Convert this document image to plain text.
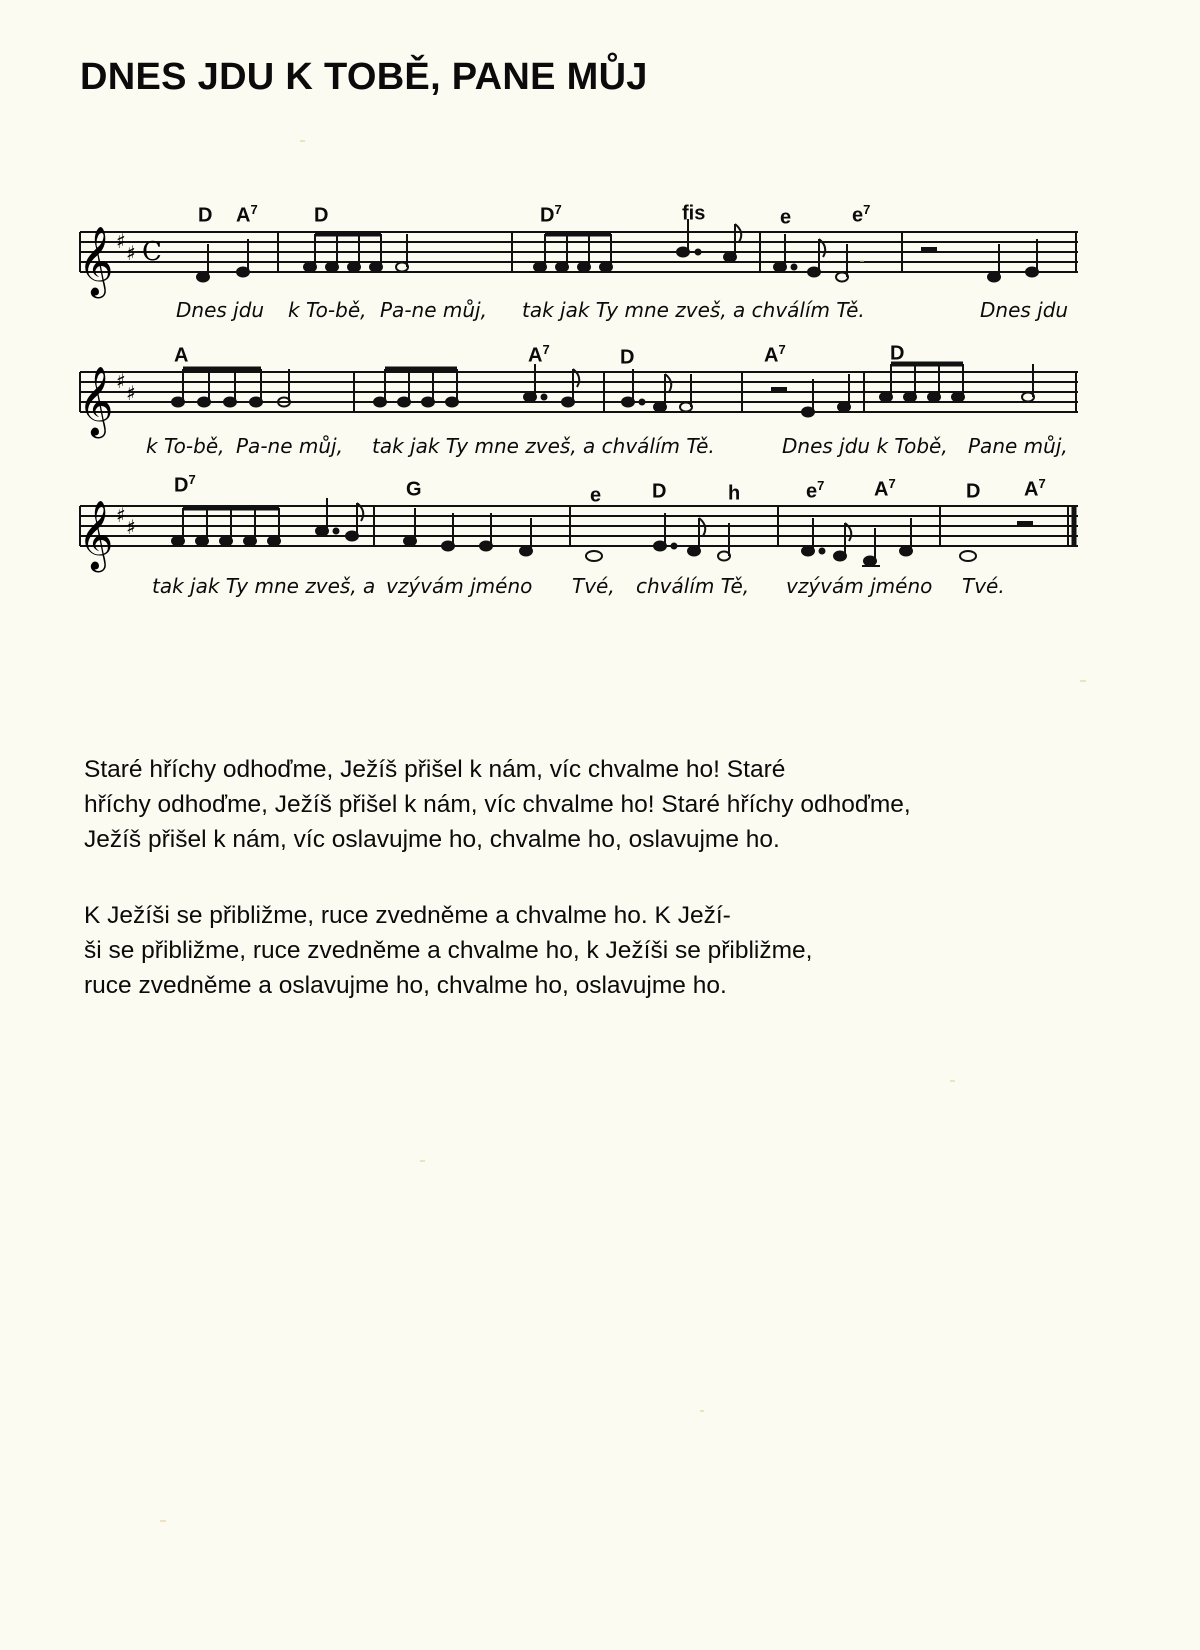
DNES JDU K TOBĚ, PANE MŮJ
D $A^7$	D	$D^7$	fis	e	$e^7$
𝄞 ♯ ♯ C
Dnes jdu k To-bě, Pa-ne můj, tak jak Ty mne zveš, a chválím Tě.	Dnes jdu
A	$A^7$	D	$A^7$	D
𝄞 ♯ ♯
k To-bě, Pa-ne můj, tak jak Ty mne zveš, a chválím Tě.	Dnes jdu k Tobě, Pane můj,
$D^7$	G	e	D	h	$e^7$ $A^7$	D $A^7$
𝄞 ♯ ♯
tak jak Ty mne zveš, a vzývám jméno Tvé, chválím Tě, vzývám jméno Tvé.

Staré hříchy odhoďme, Ježíš přišel k nám, víc chvalme ho! Staré

hříchy odhoďme, Ježíš přišel k nám, víc chvalme ho! Staré hříchy odhoďme,

Ježíš přišel k nám, víc oslavujme ho, chvalme ho, oslavujme ho.

K Ježíši se přibližme, ruce zvedněme a chvalme ho. K Ježí-

ši se přibližme, ruce zvedněme a chvalme ho, k Ježíši se přibližme,

ruce zvedněme a oslavujme ho, chvalme ho, oslavujme ho.
